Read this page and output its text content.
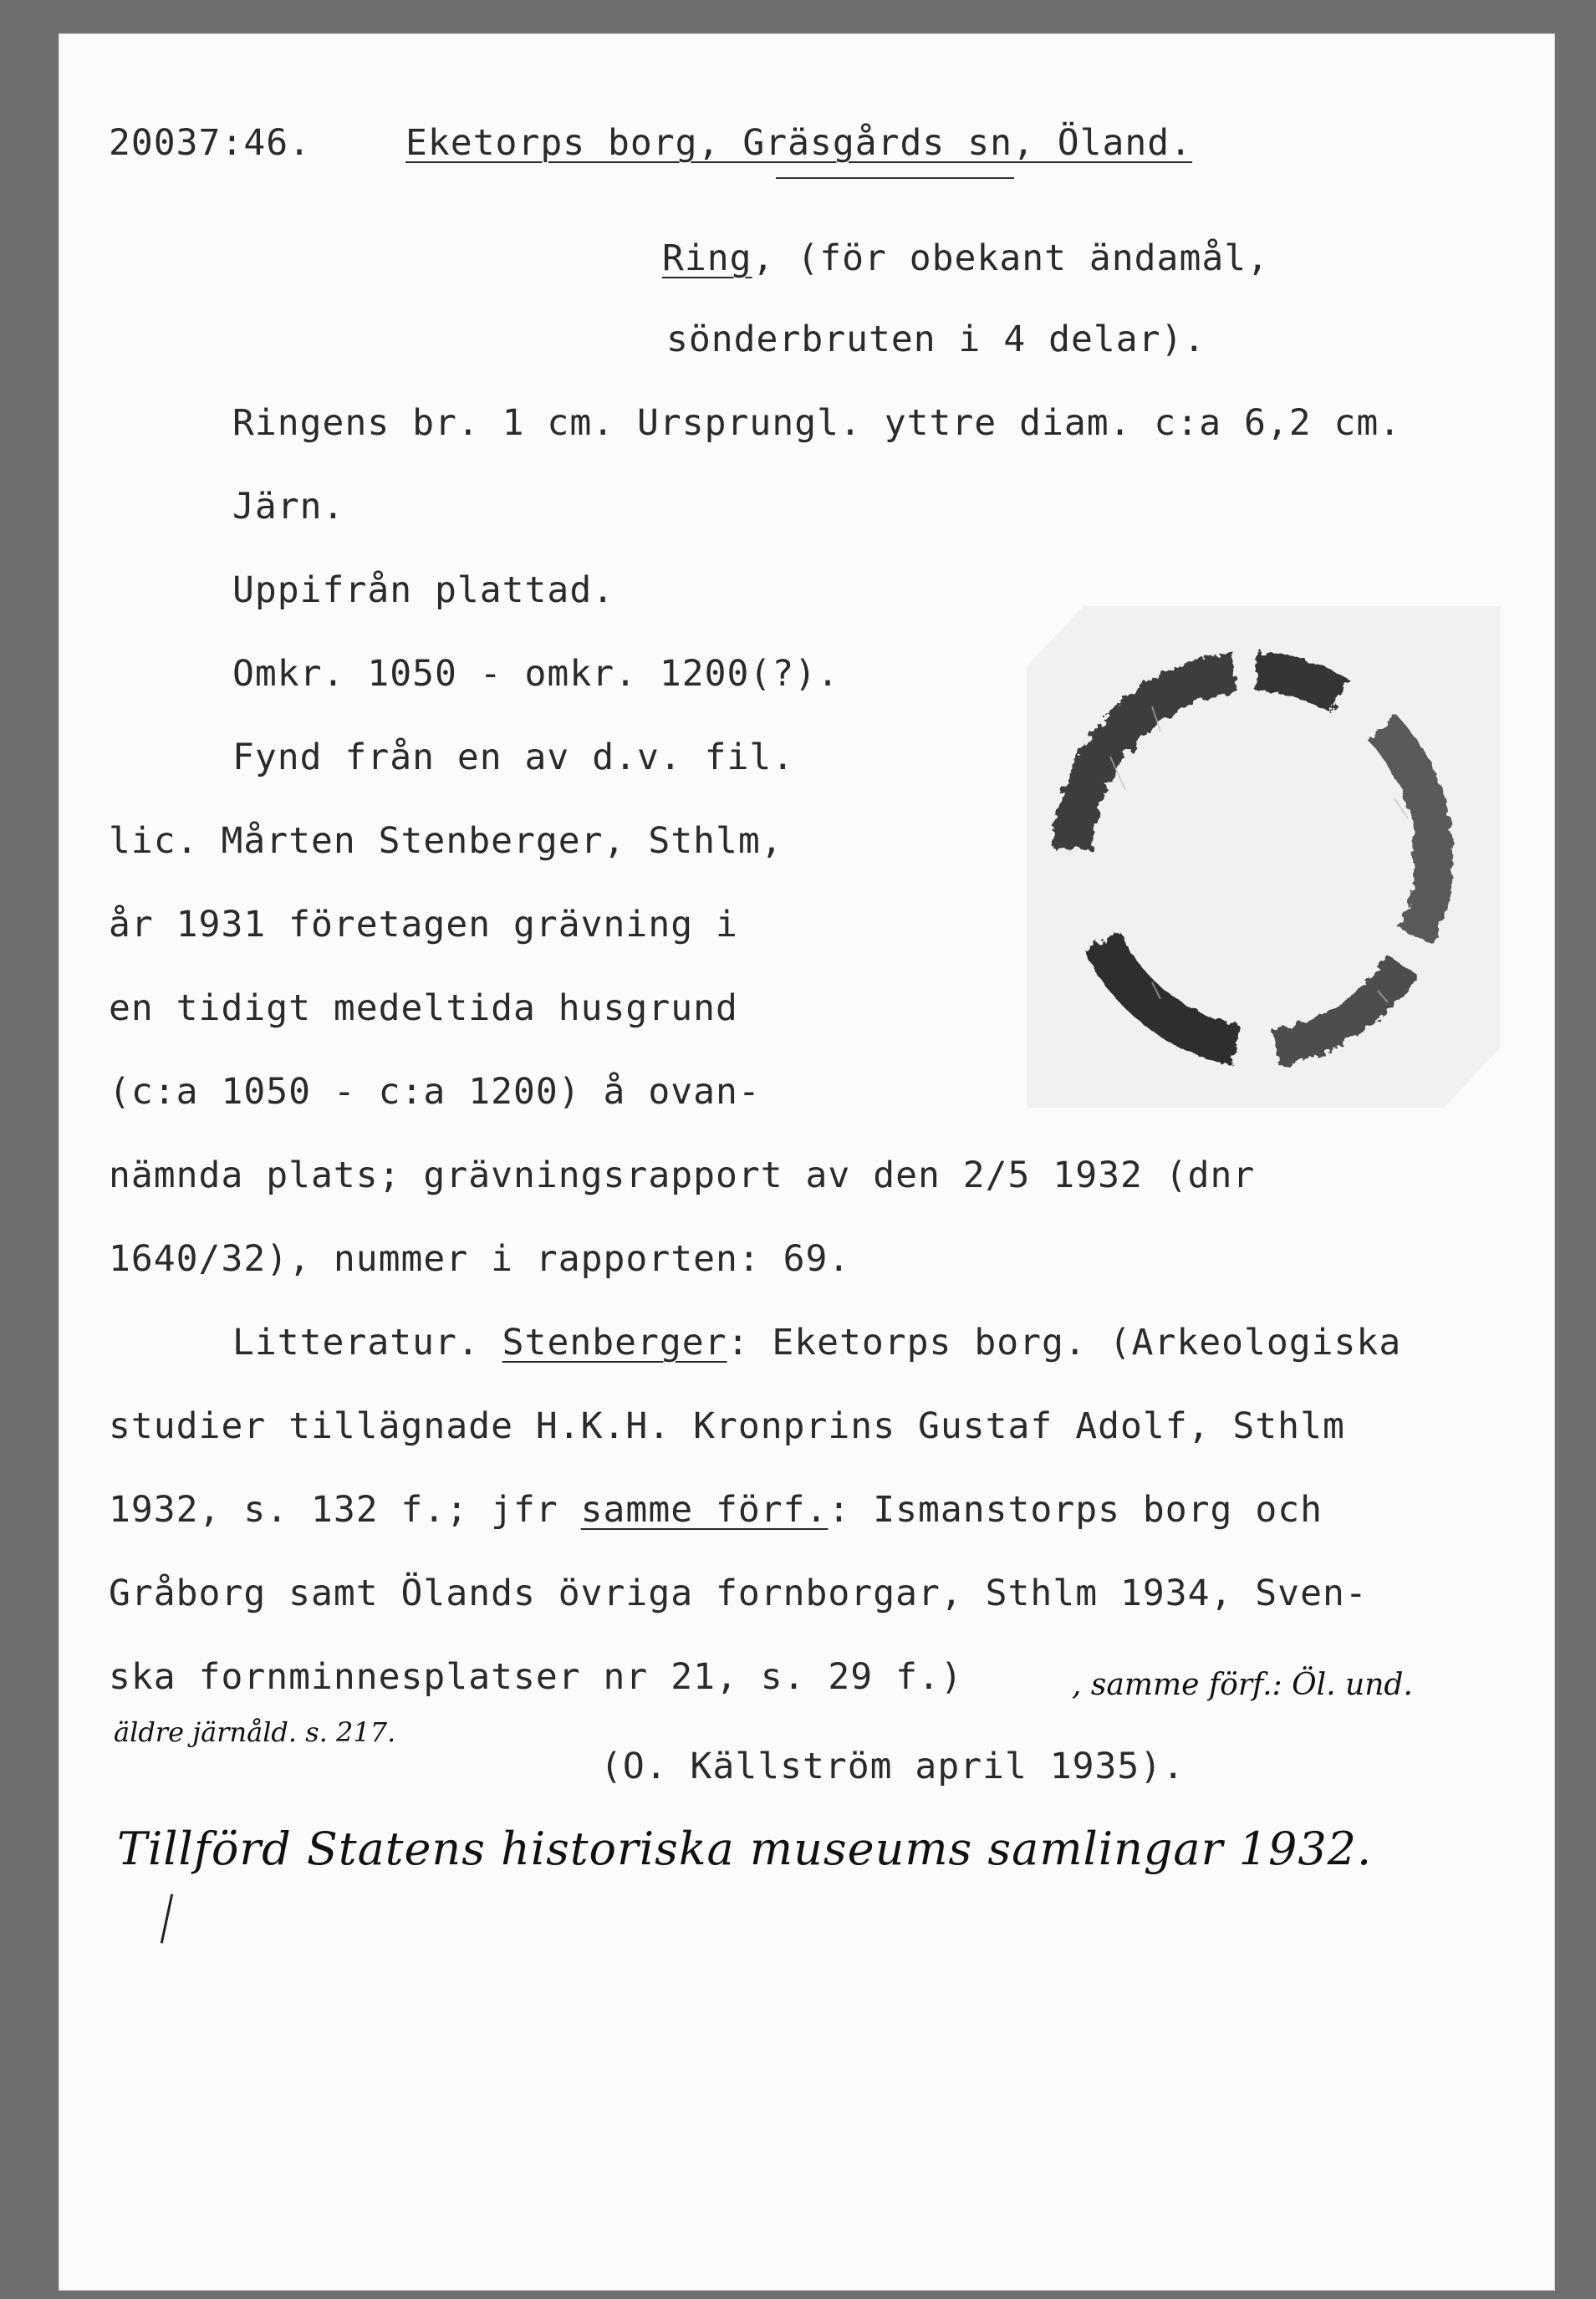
20037:46.	Eketorps borg, Gräsgårds sn, Öland.
Ring, (för obekant ändamål,
sönderbruten i 4 delar).
Ringens br. 1 cm. Ursprungl. yttre diam. c:a 6,2 cm.
Järn.
Uppifrån plattad.
Omkr. 1050 - omkr. 1200(?).
Fynd från en av d.v. fil.
lic. Mårten Stenberger, Sthlm,
år 1931 företagen grävning i
en tidigt medeltida husgrund
(c:a 1050 - c:a 1200) å ovan-
nämnda plats; grävningsrapport av den 2/5 1932 (dnr
1640/32), nummer i rapporten: 69.
Litteratur. Stenberger: Eketorps borg. (Arkeologiska
studier tillägnade H.K.H. Kronprins Gustaf Adolf, Sthlm
1932, s. 132 f.; jfr samme förf.: Ismanstorps borg och
Gråborg samt Ölands övriga fornborgar, Sthlm 1934, Sven-
ska fornminnesplatser nr 21, s. 29 f.)	, samme förf.: Öl. und.
äldre järnåld. s. 217.
(O. Källström april 1935).
Tillförd Statens historiska museums samlingar 1932.
